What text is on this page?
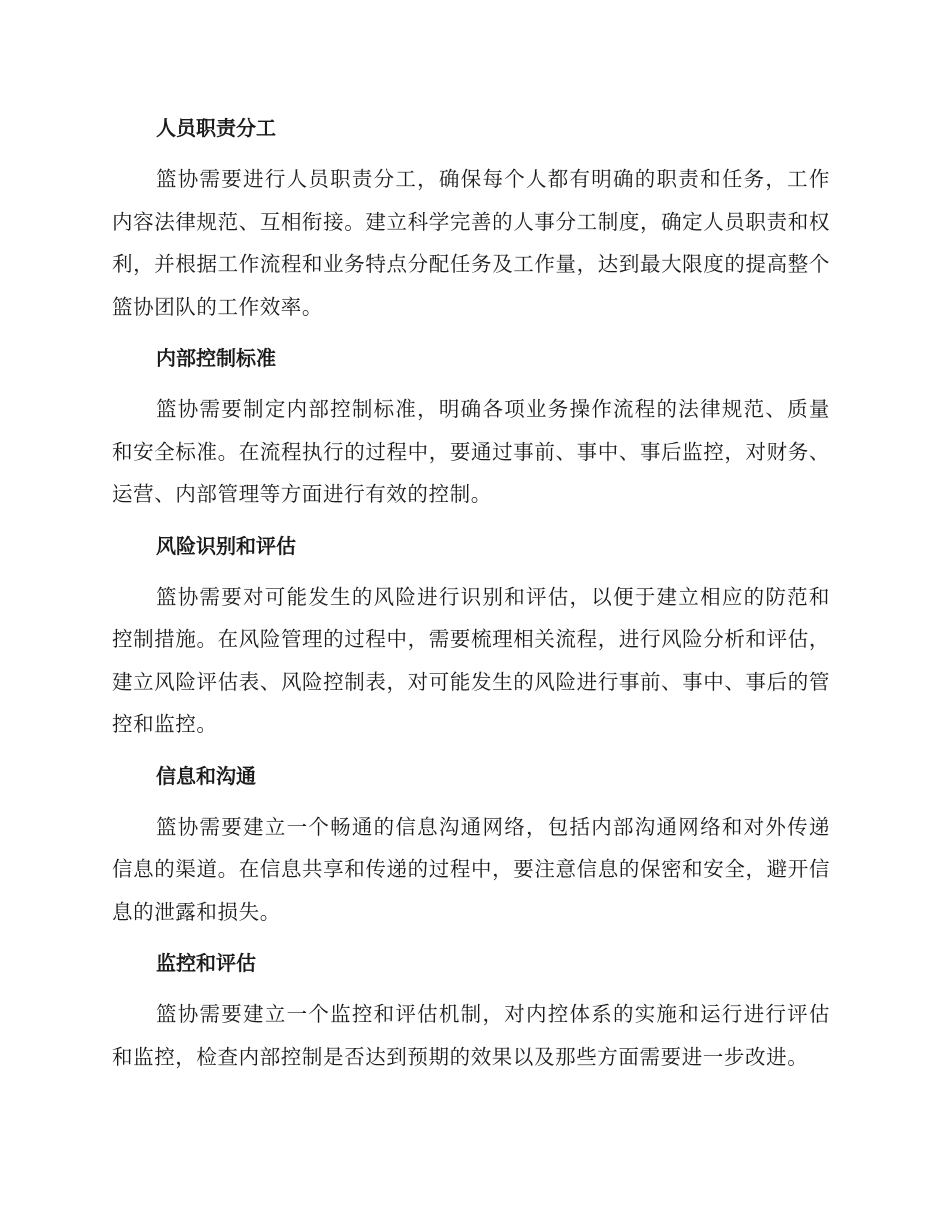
人员职责分工
篮协需要进行人员职责分工，确保每个人都有明确的职责和任务，工作内容法律规范、互相衔接。建立科学完善的人事分工制度，确定人员职责和权利，并根据工作流程和业务特点分配任务及工作量，达到最大限度的提高整个篮协团队的工作效率。
内部控制标准
篮协需要制定内部控制标准，明确各项业务操作流程的法律规范、质量和安全标准。在流程执行的过程中，要通过事前、事中、事后监控，对财务、运营、内部管理等方面进行有效的控制。
风险识别和评估
篮协需要对可能发生的风险进行识别和评估，以便于建立相应的防范和控制措施。在风险管理的过程中，需要梳理相关流程，进行风险分析和评估，建立风险评估表、风险控制表，对可能发生的风险进行事前、事中、事后的管控和监控。
信息和沟通
篮协需要建立一个畅通的信息沟通网络，包括内部沟通网络和对外传递信息的渠道。在信息共享和传递的过程中，要注意信息的保密和安全，避开信息的泄露和损失。
监控和评估
篮协需要建立一个监控和评估机制，对内控体系的实施和运行进行评估和监控，检查内部控制是否达到预期的效果以及那些方面需要进一步改进。
